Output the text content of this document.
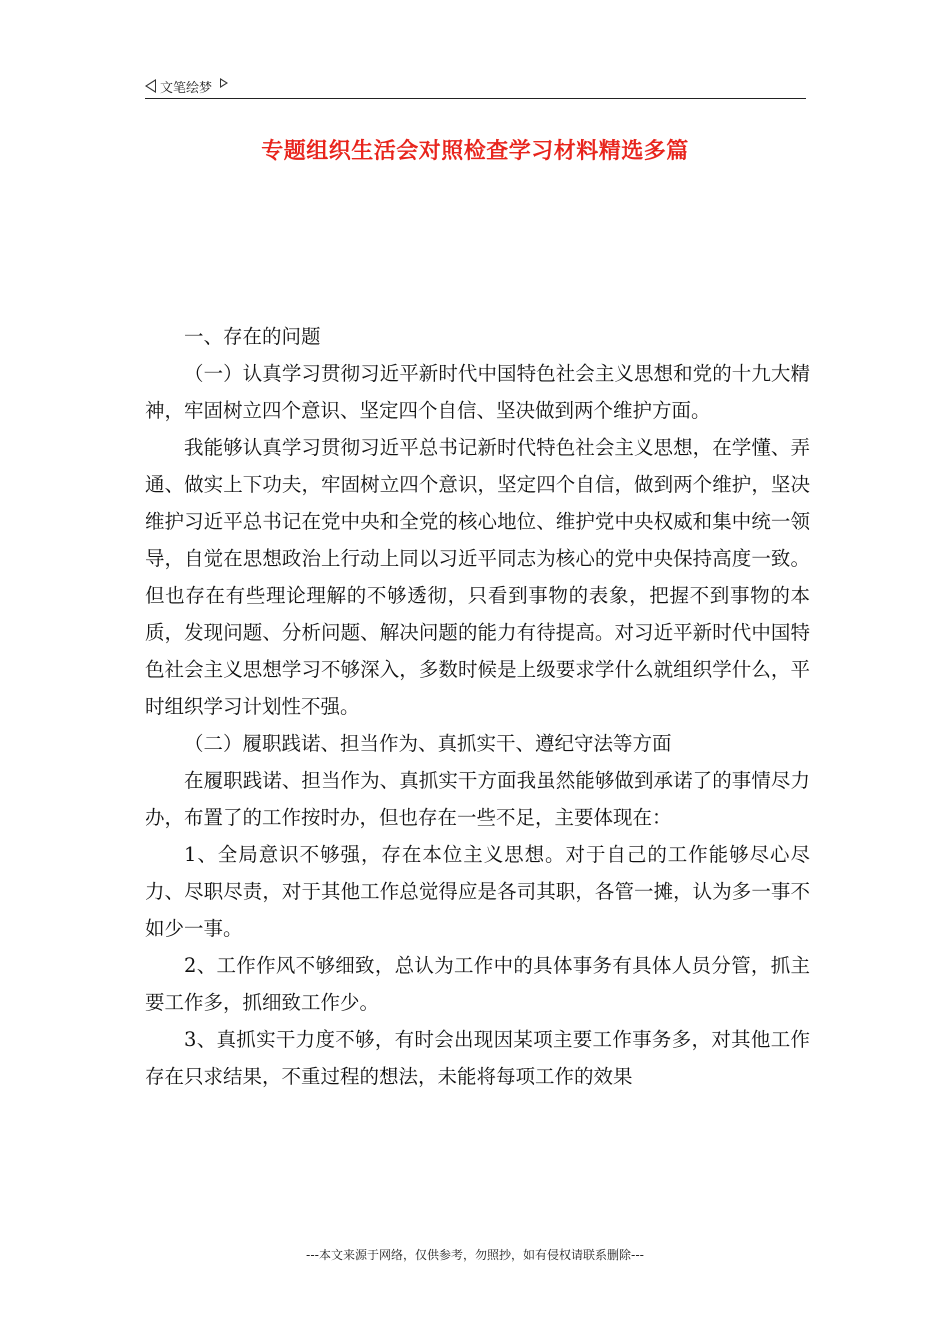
文笔绘梦
专题组织生活会对照检查学习材料精选多篇

一、存在的问题

（一）认真学习贯彻习近平新时代中国特色社会主义思想和党的十九大精神，牢固树立四个意识、坚定四个自信、坚决做到两个维护方面。

我能够认真学习贯彻习近平总书记新时代特色社会主义思想，在学懂、弄通、做实上下功夫，牢固树立四个意识，坚定四个自信，做到两个维护，坚决维护习近平总书记在党中央和全党的核心地位、维护党中央权威和集中统一领导，自觉在思想政治上行动上同以习近平同志为核心的党中央保持高度一致。但也存在有些理论理解的不够透彻，只看到事物的表象，把握不到事物的本质，发现问题、分析问题、解决问题的能力有待提高。对习近平新时代中国特色社会主义思想学习不够深入，多数时候是上级要求学什么就组织学什么，平时组织学习计划性不强。

（二）履职践诺、担当作为、真抓实干、遵纪守法等方面

在履职践诺、担当作为、真抓实干方面我虽然能够做到承诺了的事情尽力办，布置了的工作按时办，但也存在一些不足，主要体现在：

1、全局意识不够强，存在本位主义思想。对于自己的工作能够尽心尽力、尽职尽责，对于其他工作总觉得应是各司其职，各管一摊，认为多一事不如少一事。

2、工作作风不够细致，总认为工作中的具体事务有具体人员分管，抓主要工作多，抓细致工作少。

3、真抓实干力度不够，有时会出现因某项主要工作事务多，对其他工作存在只求结果，不重过程的想法，未能将每项工作的效果

---本文来源于网络，仅供参考，勿照抄，如有侵权请联系删除---
